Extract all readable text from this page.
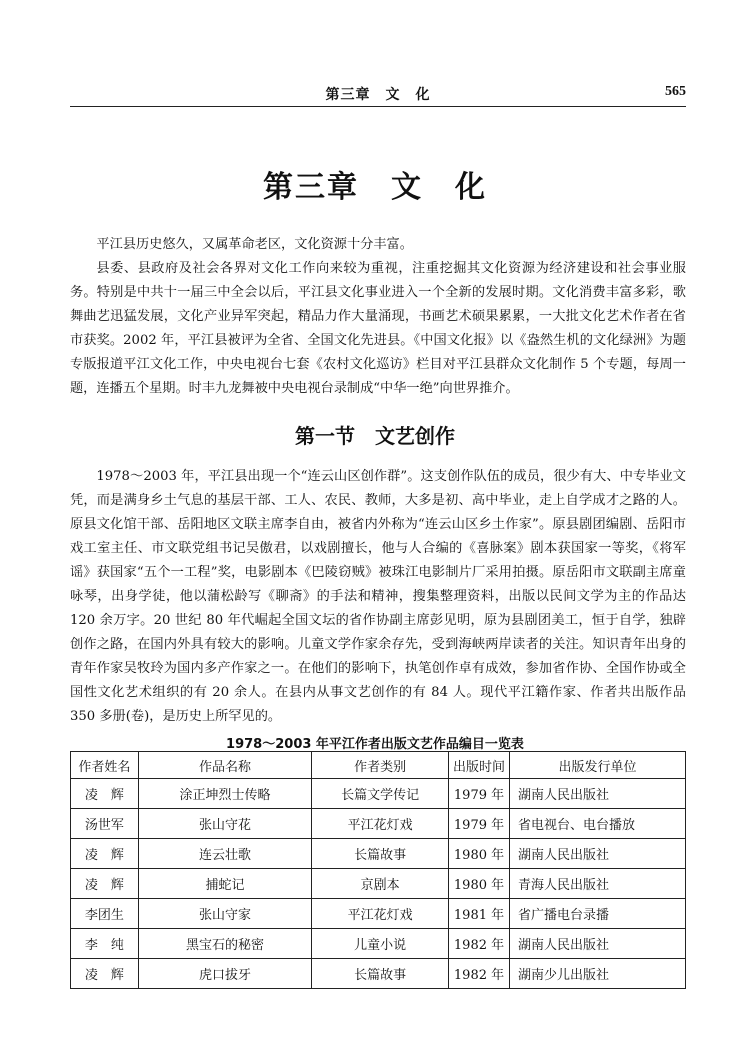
第三章　文　化	565
第三章　文　化

平江县历史悠久，又属革命老区，文化资源十分丰富。

县委、县政府及社会各界对文化工作向来较为重视，注重挖掘其文化资源为经济建设和社会事业服务。特别是中共十一届三中全会以后，平江县文化事业进入一个全新的发展时期。文化消费丰富多彩，歌舞曲艺迅猛发展，文化产业异军突起，精品力作大量涌现，书画艺术硕果累累，一大批文化艺术作者在省市获奖。2002 年，平江县被评为全省、全国文化先进县。《中国文化报》以《盎然生机的文化绿洲》为题专版报道平江文化工作，中央电视台七套《农村文化巡访》栏目对平江县群众文化制作 5 个专题，每周一题，连播五个星期。时丰九龙舞被中央电视台录制成“中华一绝”向世界推介。

第一节　文艺创作

1978～2003 年，平江县出现一个“连云山区创作群”。这支创作队伍的成员，很少有大、中专毕业文凭，而是满身乡土气息的基层干部、工人、农民、教师，大多是初、高中毕业，走上自学成才之路的人。原县文化馆干部、岳阳地区文联主席李自由，被省内外称为“连云山区乡土作家”。原县剧团编剧、岳阳市戏工室主任、市文联党组书记吴傲君，以戏剧擅长，他与人合编的《喜脉案》剧本获国家一等奖，《将军谣》获国家“五个一工程”奖，电影剧本《巴陵窃贼》被珠江电影制片厂采用拍摄。原岳阳市文联副主席童咏琴，出身学徒，他以蒲松龄写《聊斋》的手法和精神，搜集整理资料，出版以民间文学为主的作品达 120 余万字。20 世纪 80 年代崛起全国文坛的省作协副主席彭见明，原为县剧团美工，恒于自学，独辟创作之路，在国内外具有较大的影响。儿童文学作家余存先，受到海峡两岸读者的关注。知识青年出身的青年作家吴牧玲为国内多产作家之一。在他们的影响下，执笔创作卓有成效，参加省作协、全国作协或全国性文化艺术组织的有 20 余人。在县内从事文艺创作的有 84 人。现代平江籍作家、作者共出版作品 350 多册(卷)，是历史上所罕见的。

1978～2003 年平江作者出版文艺作品编目一览表
作者姓名	作品名称	作者类别	出版时间	出版发行单位
凌　辉	涂正坤烈士传略	长篇文学传记	1979 年	湖南人民出版社
汤世军	张山守花	平江花灯戏	1979 年	省电视台、电台播放
凌　辉	连云壮歌	长篇故事	1980 年	湖南人民出版社
凌　辉	捕蛇记	京剧本	1980 年	青海人民出版社
李团生	张山守家	平江花灯戏	1981 年	省广播电台录播
李　纯	黑宝石的秘密	儿童小说	1982 年	湖南人民出版社
凌　辉	虎口拔牙	长篇故事	1982 年	湖南少儿出版社
